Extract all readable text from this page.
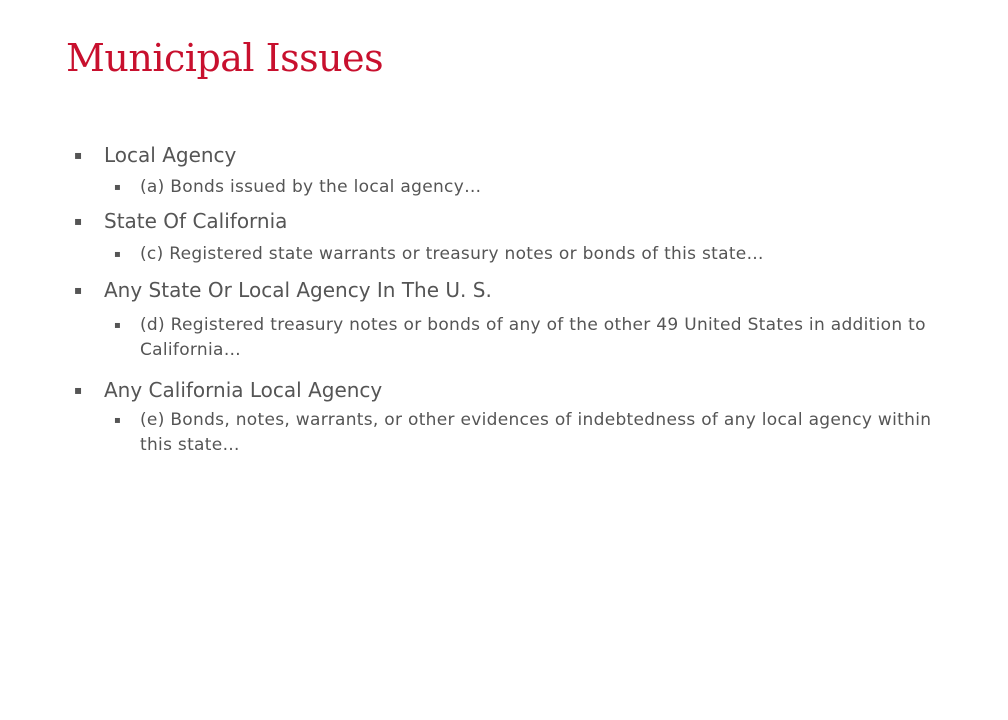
Municipal Issues
▪ Local Agency
▪ (a) Bonds issued by the local agency…
▪ State Of California
▪ (c) Registered state warrants or treasury notes or bonds of this state…
▪ Any State Or Local Agency In The U. S.
▪ (d) Registered treasury notes or bonds of any of the other 49 United States in addition to California…
▪ Any California Local Agency
▪ (e) Bonds, notes, warrants, or other evidences of indebtedness of any local agency within this state…
